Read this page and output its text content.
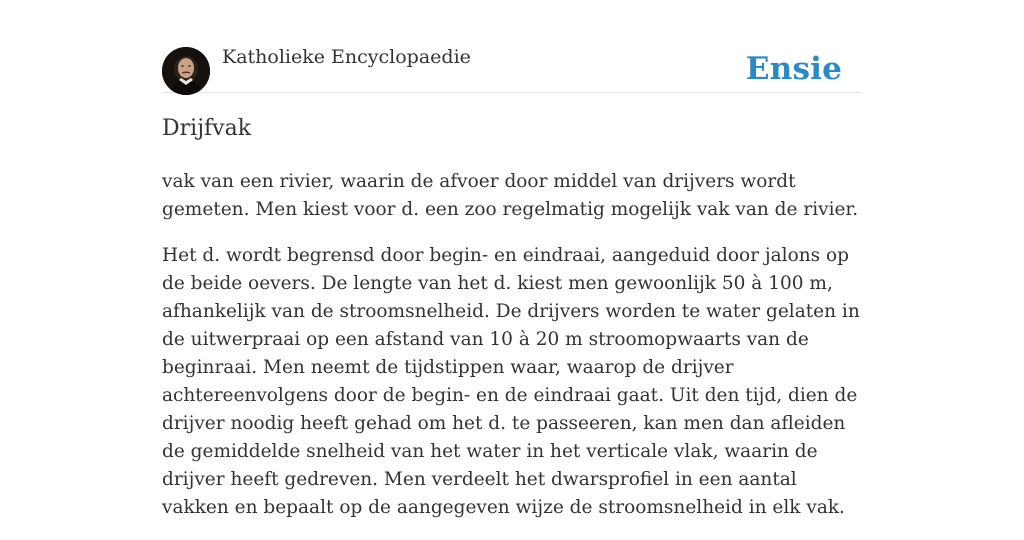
Katholieke Encyclopaedie	Ensie
Drijfvak

vak van een rivier, waarin de afvoer door middel van drijvers wordt gemeten. Men kiest voor d. een zoo regelmatig mogelijk vak van de rivier.

Het d. wordt begrensd door begin- en eindraai, aangeduid door jalons op de beide oevers. De lengte van het d. kiest men gewoonlijk 50 à 100 m, afhankelijk van de stroomsnelheid. De drijvers worden te water gelaten in de uitwerpraai op een afstand van 10 à 20 m stroomopwaarts van de beginraai. Men neemt de tijdstippen waar, waarop de drijver achtereenvolgens door de begin- en de eindraai gaat. Uit den tijd, dien de drijver noodig heeft gehad om het d. te passeeren, kan men dan afleiden de gemiddelde snelheid van het water in het verticale vlak, waarin de drijver heeft gedreven. Men verdeelt het dwarsprofiel in een aantal vakken en bepaalt op de aangegeven wijze de stroomsnelheid in elk vak.
